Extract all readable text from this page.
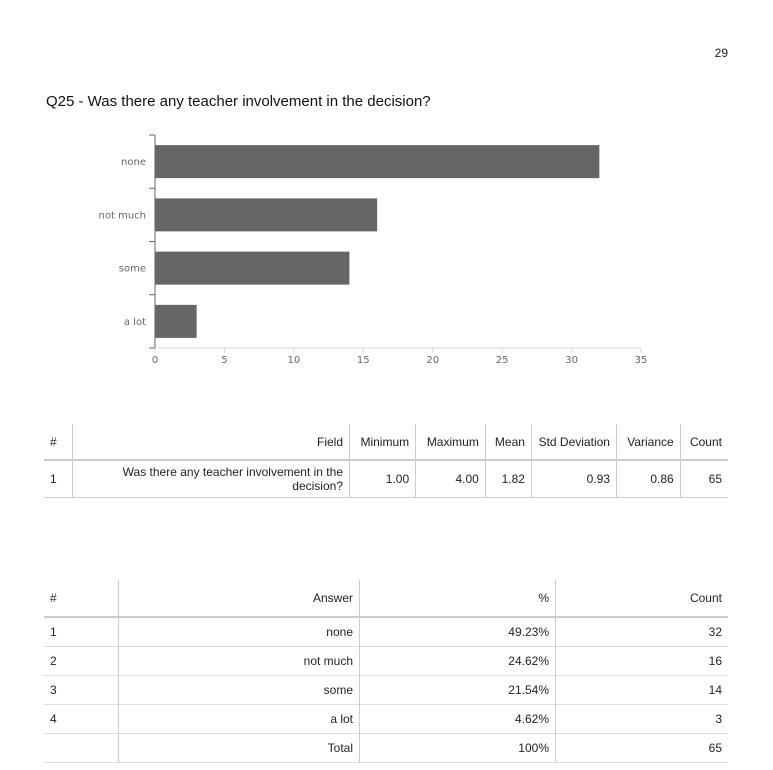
29
Q25 - Was there any teacher involvement in the decision?
none
not much
some
a lot
0	5	10	15	20	25	30	35
#	Field	Minimum	Maximum	Mean	Std Deviation	Variance	Count
1	Was there any teacher involvement in the decision?	1.00	4.00	1.82	0.93	0.86	65
#	Answer	%	Count
1	none	49.23%	32
2	not much	24.62%	16
3	some	21.54%	14
4	a lot	4.62%	3
	Total	100%	65
